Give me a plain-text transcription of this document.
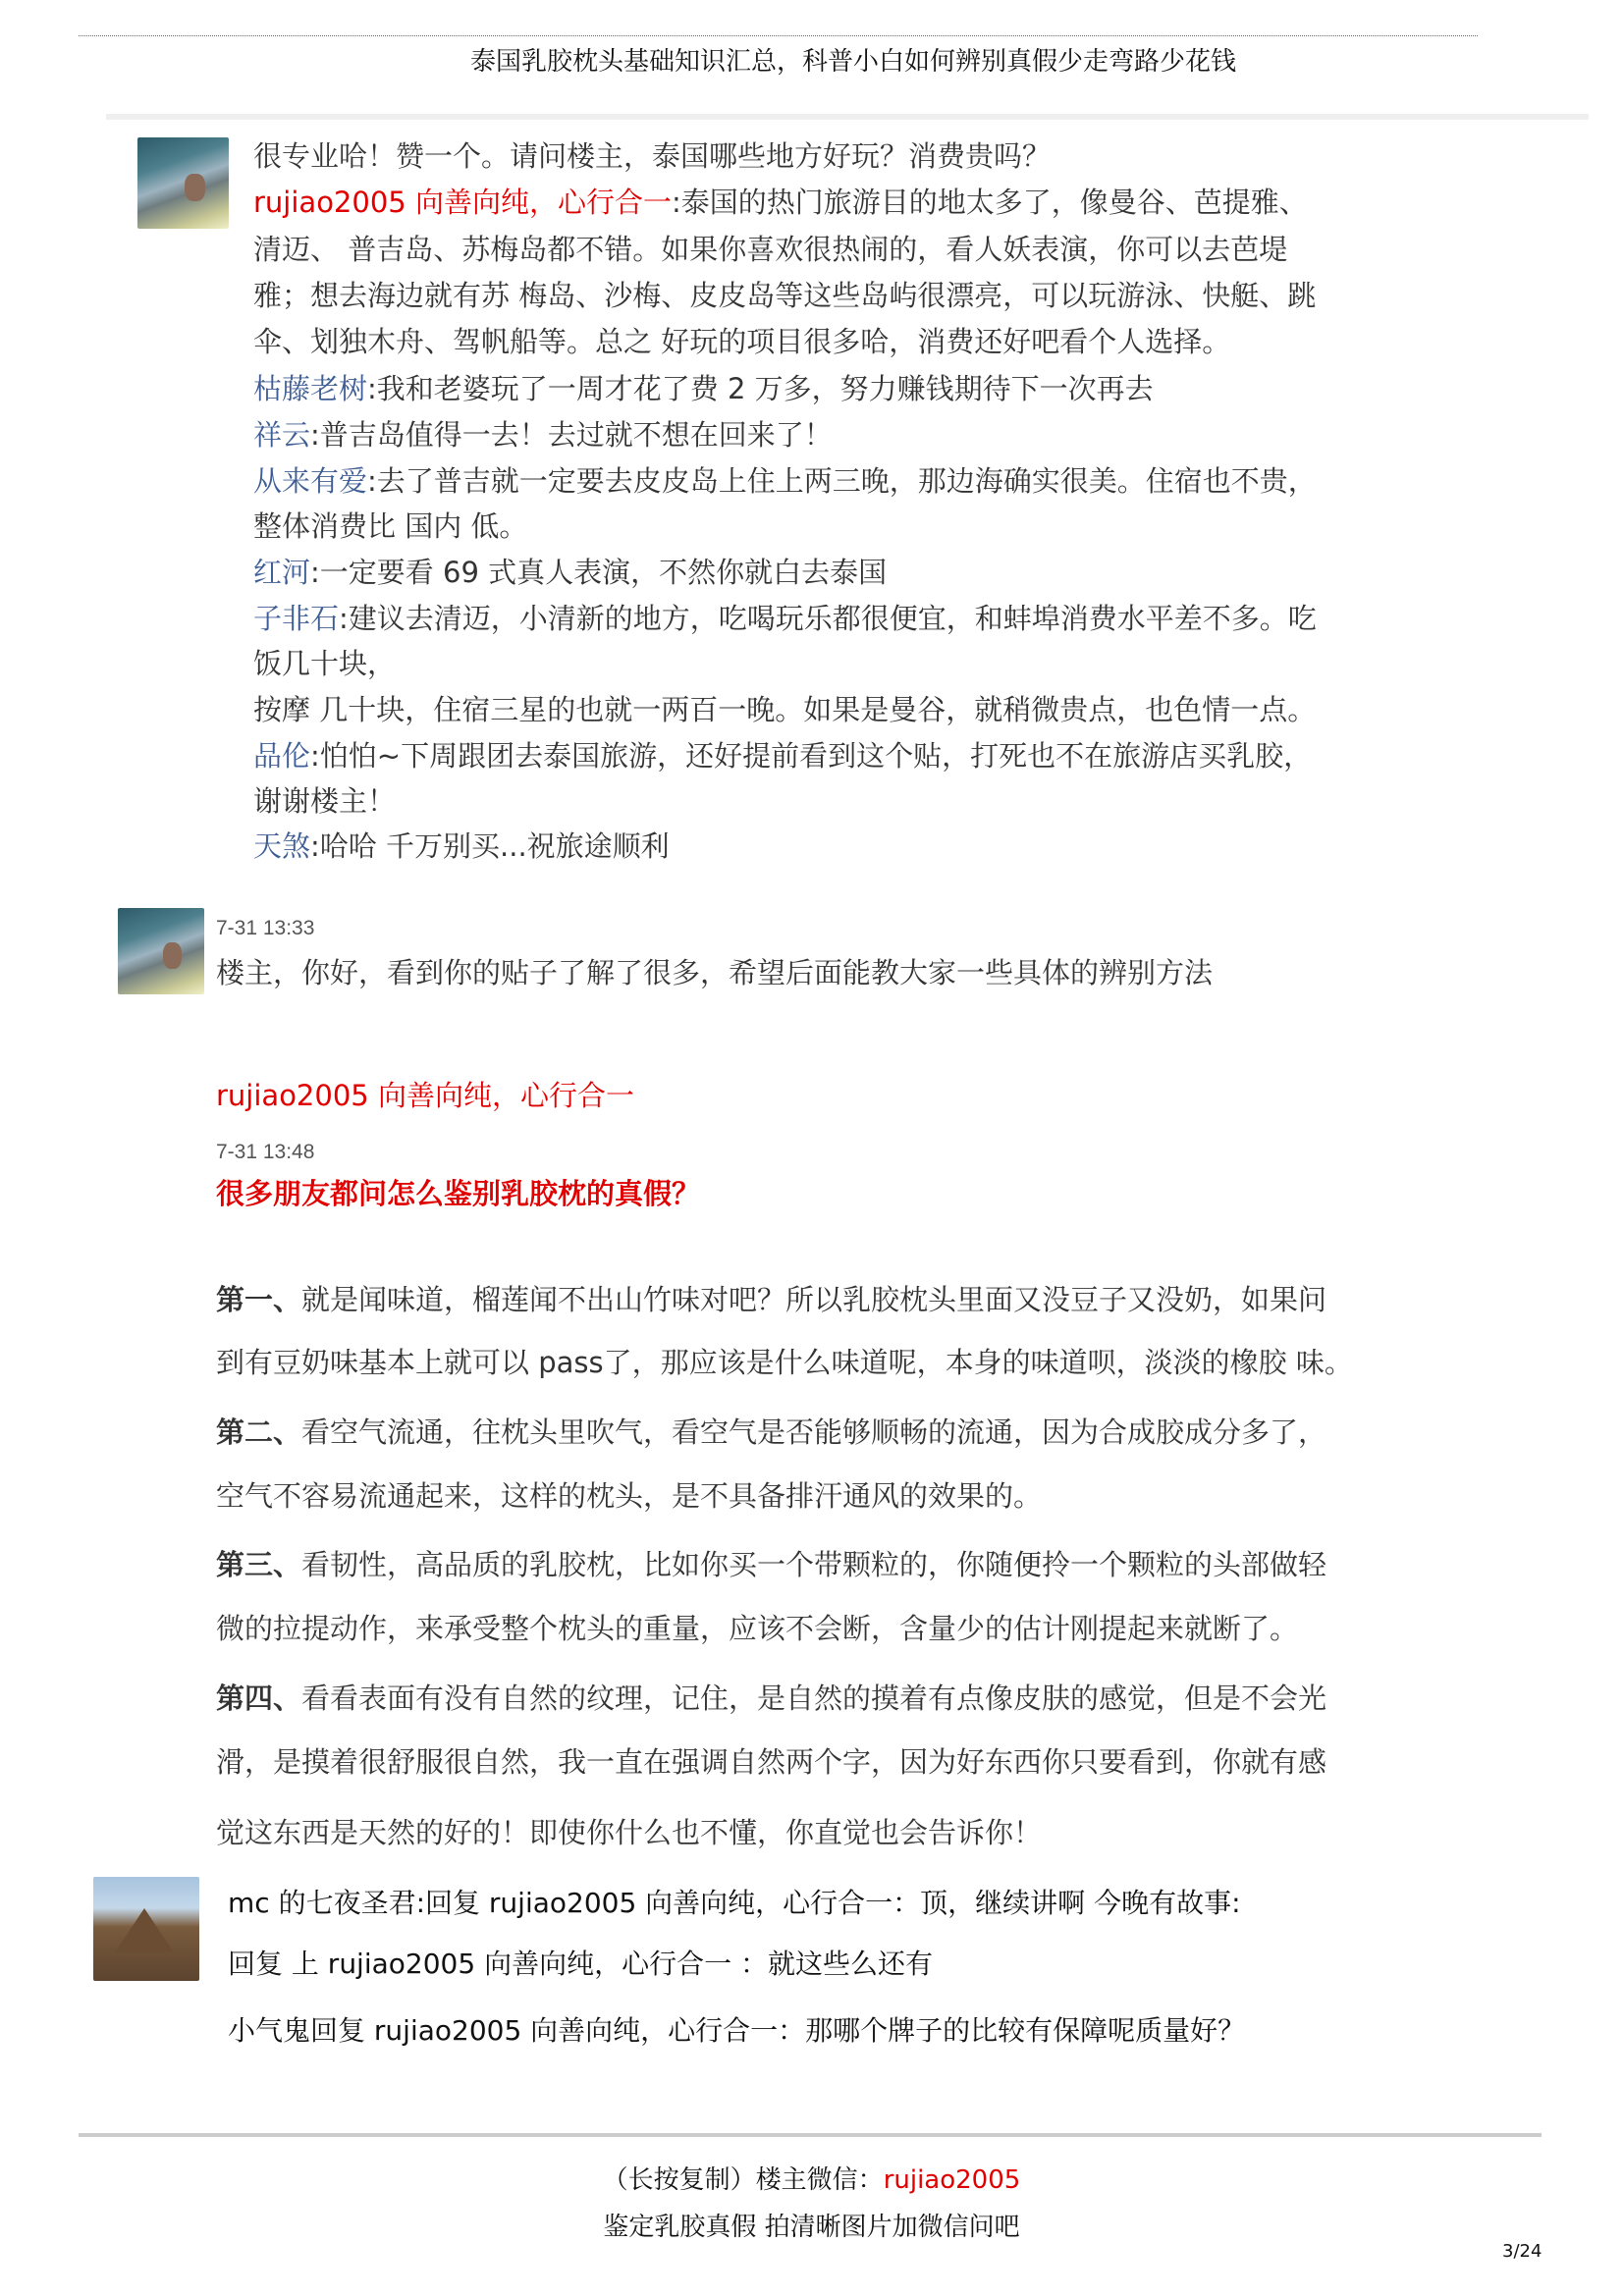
泰国乳胶枕头基础知识汇总，科普小白如何辨别真假少走弯路少花钱
很专业哈！赞一个。请问楼主，泰国哪些地方好玩？消费贵吗？
rujiao2005 向善向纯，心行合一:泰国的热门旅游目的地太多了，像曼谷、芭提雅、
清迈、 普吉岛、苏梅岛都不错。如果你喜欢很热闹的，看人妖表演，你可以去芭堤
雅；想去海边就有苏 梅岛、沙梅、皮皮岛等这些岛屿很漂亮，可以玩游泳、快艇、跳
伞、划独木舟、驾帆船等。总之 好玩的项目很多哈，消费还好吧看个人选择。
枯藤老树:我和老婆玩了一周才花了费 2 万多，努力赚钱期待下一次再去
祥云:普吉岛值得一去！去过就不想在回来了！
从来有爱:去了普吉就一定要去皮皮岛上住上两三晚，那边海确实很美。住宿也不贵，
整体消费比 国内 低。
红河:一定要看 69 式真人表演，不然你就白去泰国
子非石:建议去清迈，小清新的地方，吃喝玩乐都很便宜，和蚌埠消费水平差不多。吃
饭几十块，
按摩 几十块，住宿三星的也就一两百一晚。如果是曼谷，就稍微贵点，也色情一点。
品伦:怕怕~下周跟团去泰国旅游，还好提前看到这个贴，打死也不在旅游店买乳胶，
谢谢楼主！
天煞:哈哈 千万别买...祝旅途顺利
7-31 13:33
楼主，你好，看到你的贴子了解了很多，希望后面能教大家一些具体的辨别方法
rujiao2005 向善向纯，心行合一
7-31 13:48
很多朋友都问怎么鉴别乳胶枕的真假？
第一、就是闻味道，榴莲闻不出山竹味对吧？所以乳胶枕头里面又没豆子又没奶，如果问
到有豆奶味基本上就可以 pass了，那应该是什么味道呢，本身的味道呗，淡淡的橡胶 味。
第二、看空气流通，往枕头里吹气，看空气是否能够顺畅的流通，因为合成胶成分多了，
空气不容易流通起来，这样的枕头，是不具备排汗通风的效果的。
第三、看韧性，高品质的乳胶枕，比如你买一个带颗粒的，你随便拎一个颗粒的头部做轻
微的拉提动作，来承受整个枕头的重量，应该不会断，含量少的估计刚提起来就断了。
第四、看看表面有没有自然的纹理，记住，是自然的摸着有点像皮肤的感觉，但是不会光
滑，是摸着很舒服很自然，我一直在强调自然两个字，因为好东西你只要看到，你就有感
觉这东西是天然的好的！即使你什么也不懂，你直觉也会告诉你！
mc 的七夜圣君:回复 rujiao2005 向善向纯，心行合一：顶，继续讲啊 今晚有故事:
回复 上 rujiao2005 向善向纯，心行合一 ：就这些么还有
小气鬼回复 rujiao2005 向善向纯，心行合一：那哪个牌子的比较有保障呢质量好？
（长按复制）楼主微信：rujiao2005
鉴定乳胶真假 拍清晰图片加微信问吧
3/24
